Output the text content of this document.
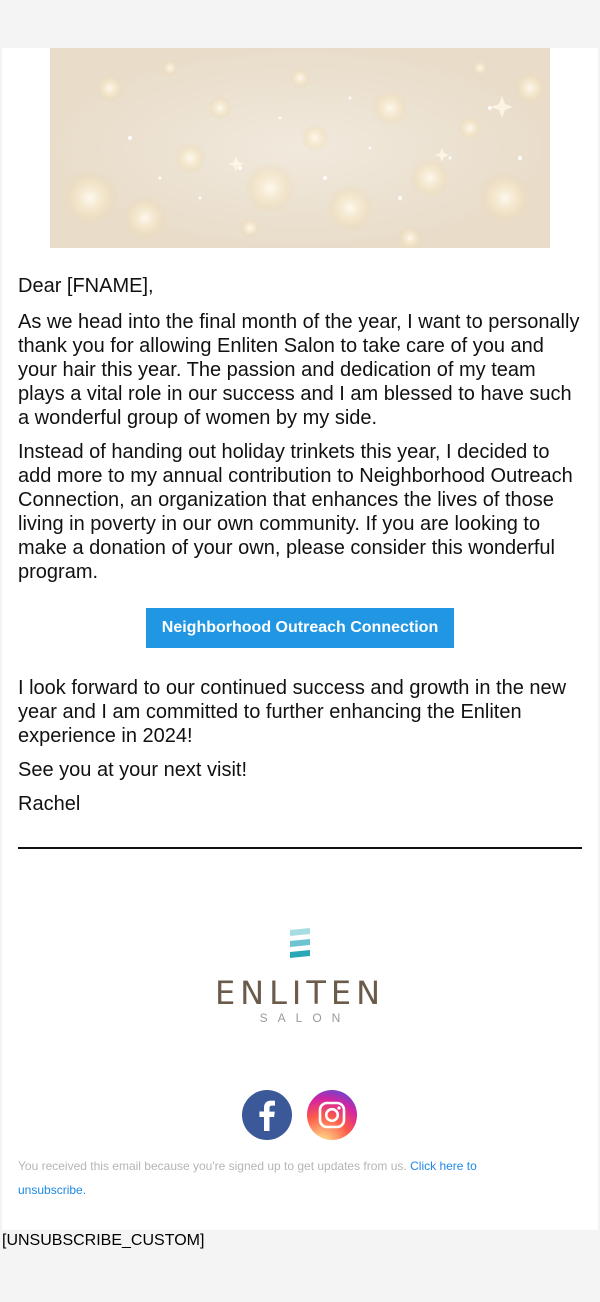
Dear [FNAME],

As we head into the final month of the year, I want to personally thank you for allowing Enliten Salon to take care of you and your hair this year. The passion and dedication of my team plays a vital role in our success and I am blessed to have such a wonderful group of women by my side.

Instead of handing out holiday trinkets this year, I decided to add more to my annual contribution to Neighborhood Outreach Connection, an organization that enhances the lives of those living in poverty in our own community. If you are looking to make a donation of your own, please consider this wonderful program.

Neighborhood Outreach Connection

I look forward to our continued success and growth in the new year and I am committed to further enhancing the Enliten experience in 2024!

See you at your next visit!

Rachel

ENLITEN
SALON

You received this email because you're signed up to get updates from us. Click here to unsubscribe.

[UNSUBSCRIBE_CUSTOM]
